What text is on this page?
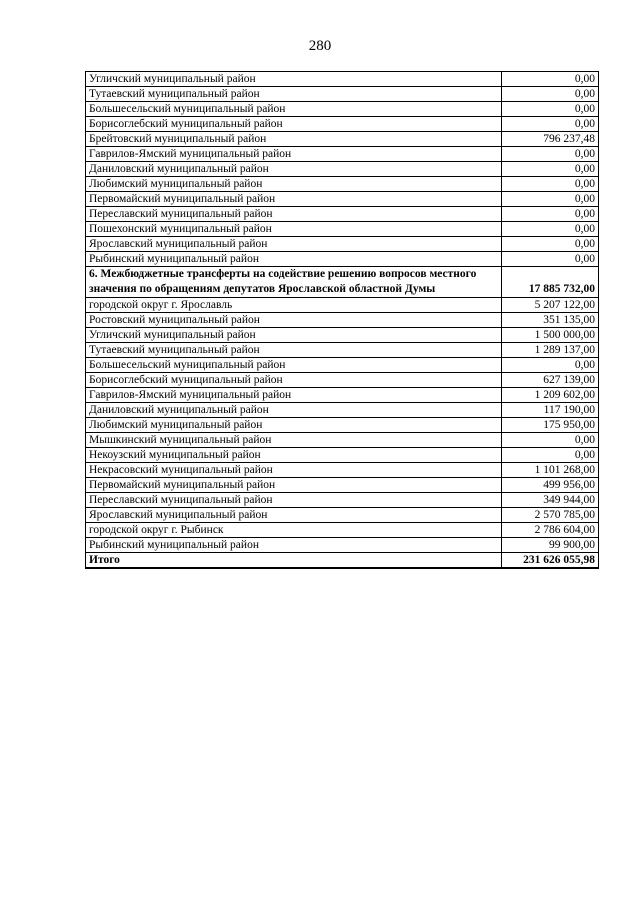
280
Угличский муниципальный район	0,00
Тутаевский муниципальный район	0,00
Большесельский муниципальный район	0,00
Борисоглебский муниципальный район	0,00
Брейтовский муниципальный район	796 237,48
Гаврилов-Ямский муниципальный район	0,00
Даниловский муниципальный район	0,00
Любимский муниципальный район	0,00
Первомайский муниципальный район	0,00
Переславский муниципальный район	0,00
Пошехонский муниципальный район	0,00
Ярославский муниципальный район	0,00
Рыбинский муниципальный район	0,00
6. Межбюджетные трансферты на содействие решению вопросов местного значения по обращениям депутатов Ярославской областной Думы	17 885 732,00
городской округ г. Ярославль	5 207 122,00
Ростовский муниципальный район	351 135,00
Угличский муниципальный район	1 500 000,00
Тутаевский муниципальный район	1 289 137,00
Большесельский муниципальный район	0,00
Борисоглебский муниципальный район	627 139,00
Гаврилов-Ямский муниципальный район	1 209 602,00
Даниловский муниципальный район	117 190,00
Любимский муниципальный район	175 950,00
Мышкинский муниципальный район	0,00
Некоузский муниципальный район	0,00
Некрасовский муниципальный район	1 101 268,00
Первомайский муниципальный район	499 956,00
Переславский муниципальный район	349 944,00
Ярославский муниципальный район	2 570 785,00
городской округ г. Рыбинск	2 786 604,00
Рыбинский муниципальный район	99 900,00
Итого	231 626 055,98
